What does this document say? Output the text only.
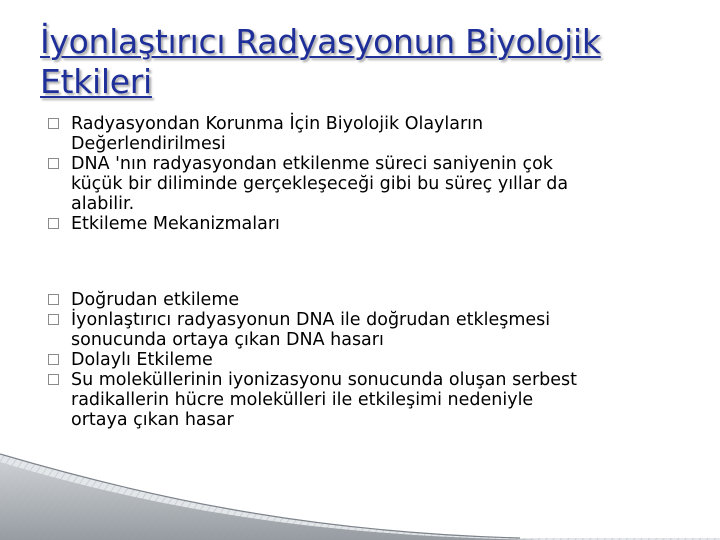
İyonlaştırıcı Radyasyonun Biyolojik
Etkileri
Radyasyondan Korunma İçin Biyolojik Olayların
Değerlendirilmesi
DNA 'nın radyasyondan etkilenme süreci saniyenin çok
küçük bir diliminde gerçekleşeceği gibi bu süreç yıllar da
alabilir.
Etkileme Mekanizmaları
Doğrudan etkileme
İyonlaştırıcı radyasyonun DNA ile doğrudan etkleşmesi
sonucunda ortaya çıkan DNA hasarı
Dolaylı Etkileme
Su moleküllerinin iyonizasyonu sonucunda oluşan serbest
radikallerin hücre molekülleri ile etkileşimi nedeniyle
ortaya çıkan hasar
